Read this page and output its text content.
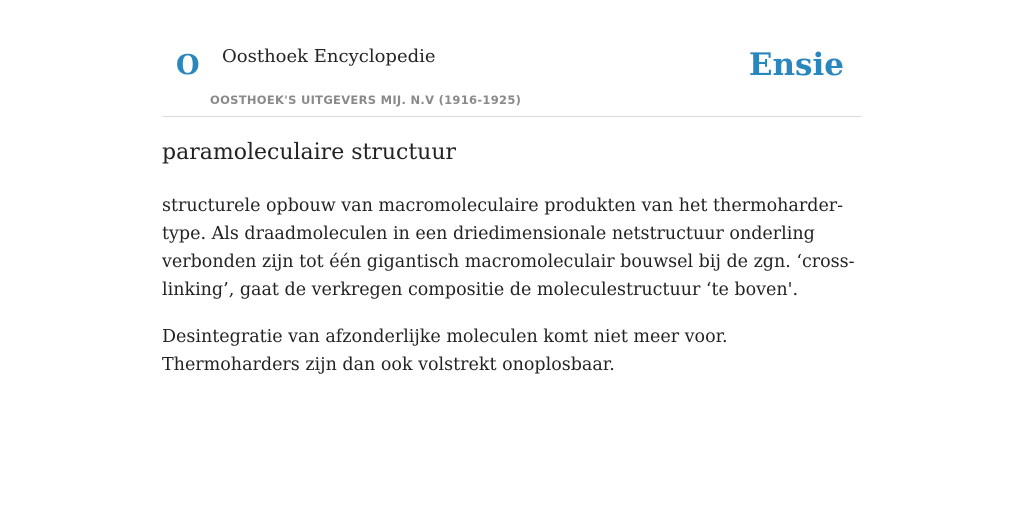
O Oosthoek Encyclopedie
OOSTHOEK'S UITGEVERS MIJ. N.V (1916-1925)
Ensie
paramoleculaire structuur

structurele opbouw van macromoleculaire produkten van het thermoharder-type. Als draadmoleculen in een driedimensionale netstructuur onderling verbonden zijn tot één gigantisch macromoleculair bouwsel bij de zgn. ‘cross-linking’, gaat de verkregen compositie de moleculestructuur ‘te boven'.

Desintegratie van afzonderlijke moleculen komt niet meer voor. Thermoharders zijn dan ook volstrekt onoplosbaar.
